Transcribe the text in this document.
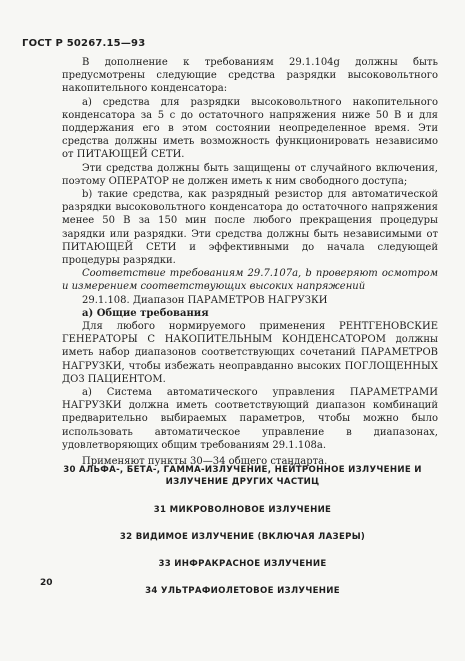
ГОСТ Р 50267.15—93

В дополнение к требованиям 29.1.104g должны быть предусмотрены следующие средства разрядки высоковольтного накопительного конденсатора:

a) средства для разрядки высоковольтного накопительного конденсатора за 5 с до остаточного напряжения ниже 50 В и для поддержания его в этом состоянии неопределенное время. Эти средства должны иметь возможность функционировать независимо от ПИТАЮЩЕЙ СЕТИ.

Эти средства должны быть защищены от случайного включения, поэтому ОПЕРАТОР не должен иметь к ним свободного доступа;

b) такие средства, как разрядный резистор для автоматической разрядки высоковольтного конденсатора до остаточного напряжения менее 50 В за 150 мин после любого прекращения процедуры зарядки или разрядки. Эти средства должны быть независимыми от ПИТАЮЩЕЙ СЕТИ и эффективными до начала следующей процедуры разрядки.

Соответствие требованиям 29.7.107a, b проверяют осмотром и измерением соответствующих высоких напряжений

29.1.108. Диапазон ПАРАМЕТРОВ НАГРУЗКИ

a) Общие требования

Для любого нормируемого применения РЕНТГЕНОВСКИЕ ГЕНЕРАТОРЫ С НАКОПИТЕЛЬНЫМ КОНДЕНСАТОРОМ должны иметь набор диапазонов соответствующих сочетаний ПАРАМЕТРОВ НАГРУЗКИ, чтобы избежать неоправданно высоких ПОГЛОЩЕННЫХ ДОЗ ПАЦИЕНТОМ.

a) Система автоматического управления ПАРАМЕТРАМИ НАГРУЗКИ должна иметь соответствующий диапазон комбинаций предварительно выбираемых параметров, чтобы можно было использовать автоматическое управление в диапазонах, удовлетворяющих общим требованиям 29.1.108a.

Применяют пункты 30—34 общего стандарта.

30 АЛЬФА-, БЕТА-, ГАММА-ИЗЛУЧЕНИЕ, НЕЙТРОННОЕ ИЗЛУЧЕНИЕ И ИЗЛУЧЕНИЕ ДРУГИХ ЧАСТИЦ
31 МИКРОВОЛНОВОЕ ИЗЛУЧЕНИЕ
32 ВИДИМОЕ ИЗЛУЧЕНИЕ (ВКЛЮЧАЯ ЛАЗЕРЫ)
33 ИНФРАКРАСНОЕ ИЗЛУЧЕНИЕ
34 УЛЬТРАФИОЛЕТОВОЕ ИЗЛУЧЕНИЕ
20
